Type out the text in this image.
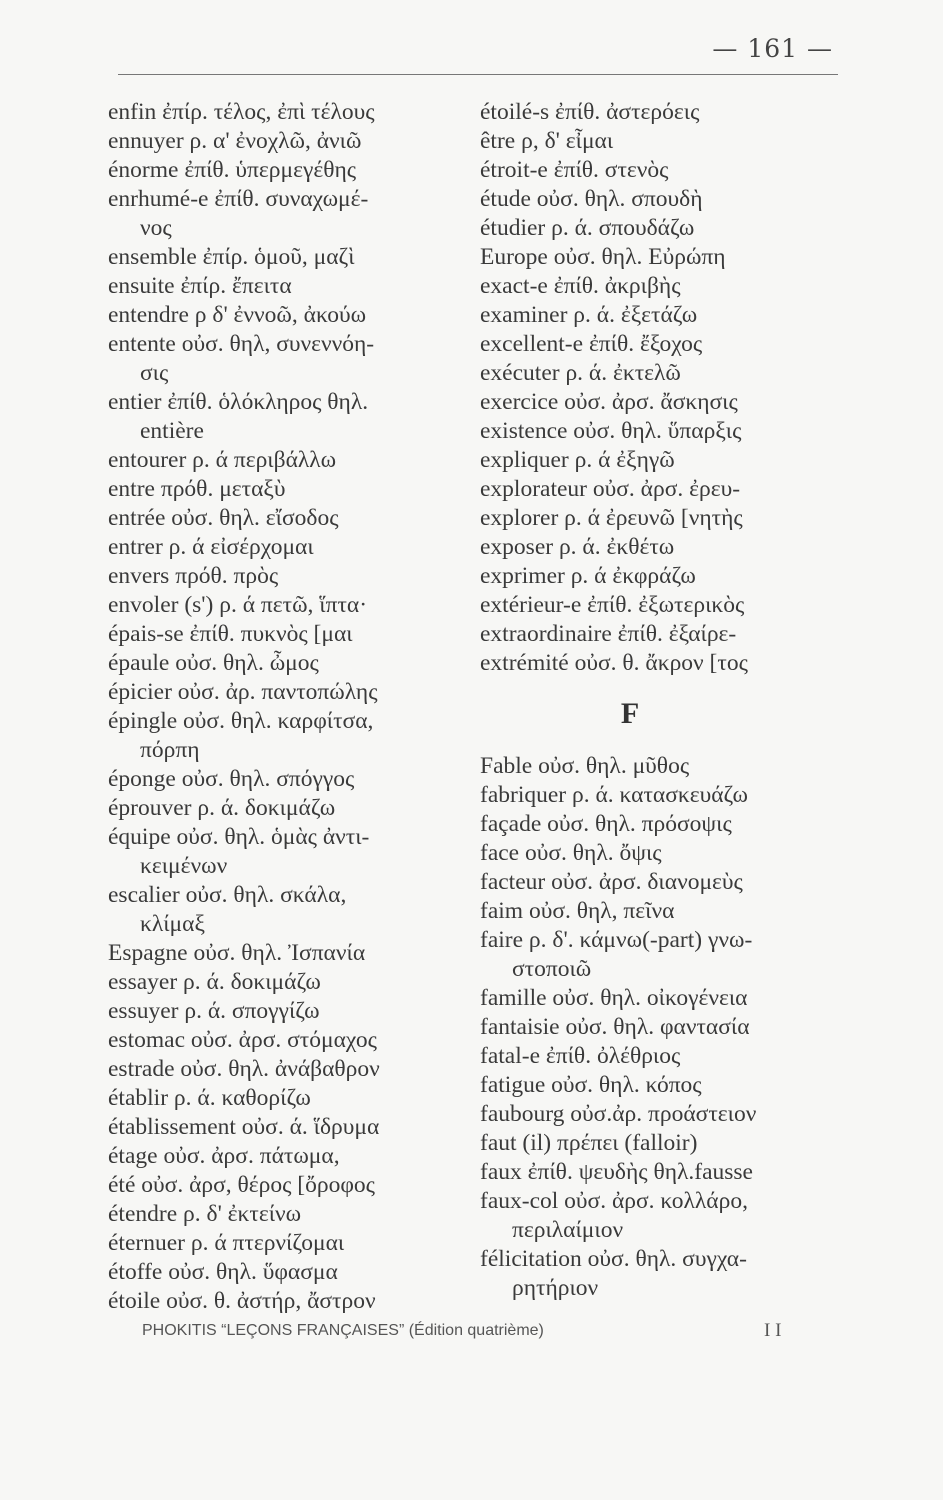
— 161 —
enfin ἐπίρ. τέλος, ἐπὶ τέλους
ennuyer ρ. α' ἐνοχλῶ, ἀνιῶ
énorme ἐπίθ. ὑπερμεγέθης
enrhumé-e ἐπίθ. συναχωμέ-
νος
ensemble ἐπίρ. ὁμοῦ, μαζὶ
ensuite ἐπίρ. ἔπειτα
entendre ρ δ' ἐννοῶ, ἀκούω
entente οὐσ. θηλ, συνεννόη-
σις
entier ἐπίθ. ὁλόκληρος θηλ.
entière
entourer ρ. ά περιβάλλω
entre πρόθ. μεταξὺ
entrée οὐσ. θηλ. εἴσοδος
entrer ρ. ά εἰσέρχομαι
envers πρόθ. πρὸς
envoler (s') ρ. ά πετῶ, ἵπτα·
épais-se ἐπίθ. πυκνὸς [μαι
épaule οὐσ. θηλ. ὦμος
épicier οὐσ. ἀρ. παντοπώλης
épingle οὐσ. θηλ. καρφίτσα,
πόρπη
éponge οὐσ. θηλ. σπόγγος
éprouver ρ. ά. δοκιμάζω
équipe οὐσ. θηλ. ὁμὰς ἀντι-
κειμένων
escalier οὐσ. θηλ. σκάλα,
κλίμαξ
Espagne οὐσ. θηλ. Ἰσπανία
essayer ρ. ά. δοκιμάζω
essuyer ρ. ά. σπογγίζω
estomac οὐσ. ἀρσ. στόμαχος
estrade οὐσ. θηλ. ἀνάβαθρον
établir ρ. ά. καθορίζω
établissement οὐσ. ά. ἵδρυμα
étage οὐσ. ἀρσ. πάτωμα,
été οὐσ. ἀρσ, θέρος [ὄροφος
étendre ρ. δ' ἐκτείνω
éternuer ρ. ά πτερνίζομαι
étoffe οὐσ. θηλ. ὕφασμα
étoile οὐσ. θ. ἀστήρ, ἄστρον
étoilé-s ἐπίθ. ἀστερόεις
être ρ, δ' εἶμαι
étroit-e ἐπίθ. στενὸς
étude οὐσ. θηλ. σπουδὴ
étudier ρ. ά. σπουδάζω
Europe οὐσ. θηλ. Εὐρώπη
exact-e ἐπίθ. ἀκριβὴς
examiner ρ. ά. ἐξετάζω
excellent-e ἐπίθ. ἔξοχος
exécuter ρ. ά. ἐκτελῶ
exercice οὐσ. ἀρσ. ἄσκησις
existence οὐσ. θηλ. ὕπαρξις
expliquer ρ. ά ἐξηγῶ
explorateur οὐσ. ἀρσ. ἐρευ-
explorer ρ. ά ἐρευνῶ [νητὴς
exposer ρ. ά. ἐκθέτω
exprimer ρ. ά ἐκφράζω
extérieur-e ἐπίθ. ἐξωτερικὸς
extraordinaire ἐπίθ. ἐξαίρε-
extrémité οὐσ. θ. ἄκρον [τος
F
Fable οὐσ. θηλ. μῦθος
fabriquer ρ. ά. κατασκευάζω
façade οὐσ. θηλ. πρόσοψις
face οὐσ. θηλ. ὄψις
facteur οὐσ. ἀρσ. διανομεὺς
faim οὐσ. θηλ, πεῖνα
faire ρ. δ'. κάμνω(-part) γνω-
στοποιῶ
famille οὐσ. θηλ. οἰκογένεια
fantaisie οὐσ. θηλ. φαντασία
fatal-e ἐπίθ. ὀλέθριος
fatigue οὐσ. θηλ. κόπος
faubourg οὐσ.ἀρ. προάστειον
faut (il) πρέπει (falloir)
faux ἐπίθ. ψευδὴς θηλ.fausse
faux-col οὐσ. ἀρσ. κολλάρο,
περιλαίμιον
félicitation οὐσ. θηλ. συγχα-
ρητήριον
PHOKITIS “LEÇONS FRANÇAISES” (Édition quatrième)	I I
